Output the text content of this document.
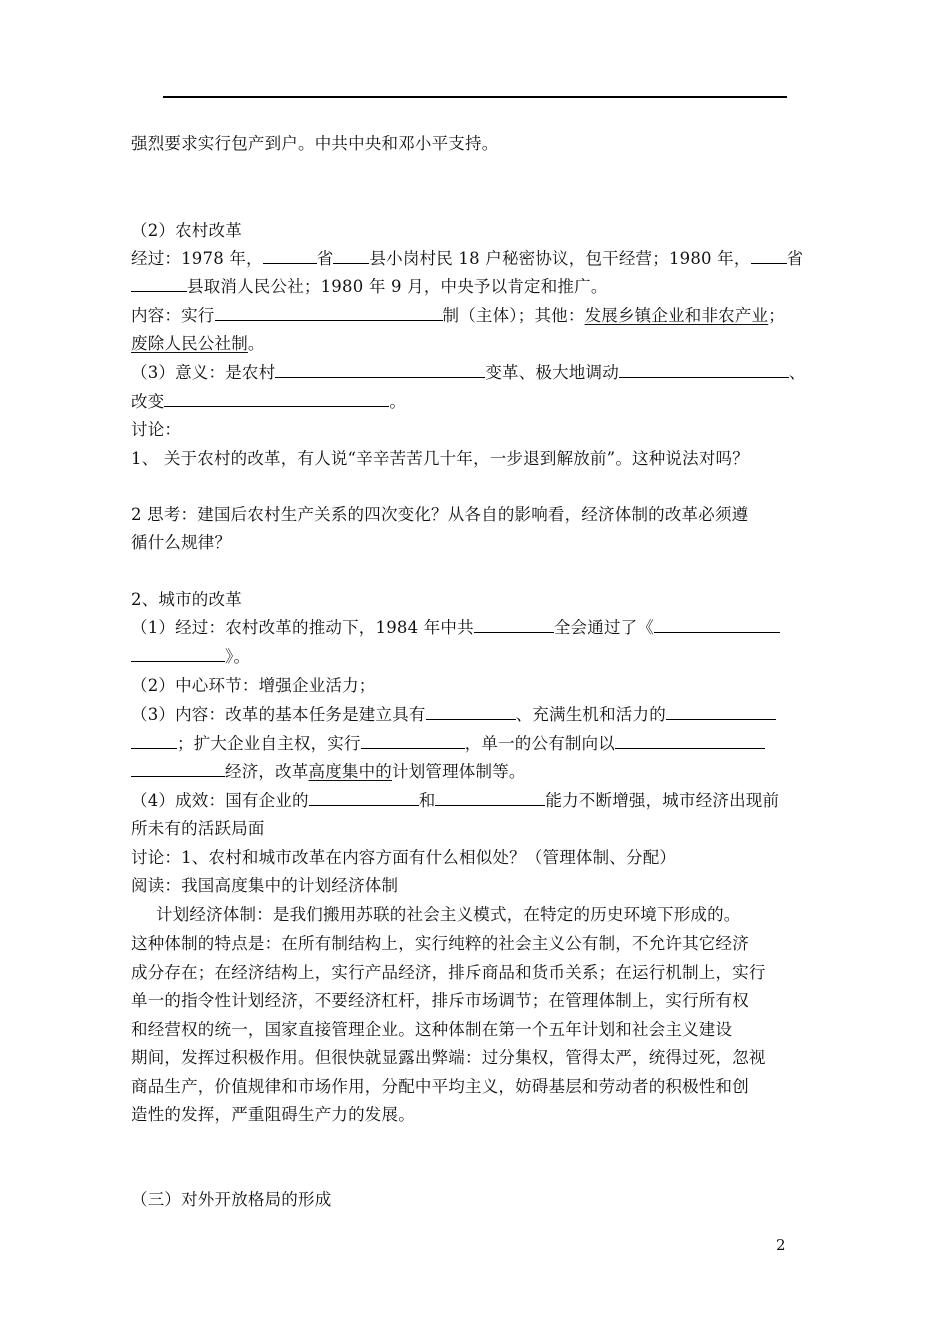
强烈要求实行包产到户。中共中央和邓小平支持。
（2）农村改革
经过：1978 年，	省 县小岗村民 18 户秘密协议，包干经营；1980 年， 省
县取消人民公社；1980 年 9 月，中央予以肯定和推广。
内容：实行	制（主体）；其他：发展乡镇企业和非农产业；
废除人民公社制。
（3）意义：是农村	变革、极大地调动	、
改变	。
讨论：
1、 关于农村的改革，有人说“辛辛苦苦几十年，一步退到解放前”。这种说法对吗？
2 思考：建国后农村生产关系的四次变化？从各自的影响看，经济体制的改革必须遵
循什么规律？
2、城市的改革
（1）经过：农村改革的推动下，1984 年中共	全会通过了《
》。
（2）中心环节：增强企业活力；
（3）内容：改革的基本任务是建立具有	、充满生机和活力的
；扩大企业自主权，实行	，单一的公有制向以
经济，改革高度集中的计划管理体制等。
（4）成效：国有企业的	和	能力不断增强，城市经济出现前
所未有的活跃局面
讨论：1、农村和城市改革在内容方面有什么相似处？（管理体制、分配）
阅读：我国高度集中的计划经济体制
计划经济体制：是我们搬用苏联的社会主义模式，在特定的历史环境下形成的。
这种体制的特点是：在所有制结构上，实行纯粹的社会主义公有制，不允许其它经济
成分存在；在经济结构上，实行产品经济，排斥商品和货币关系；在运行机制上，实行
单一的指令性计划经济，不要经济杠杆，排斥市场调节；在管理体制上，实行所有权
和经营权的统一，国家直接管理企业。这种体制在第一个五年计划和社会主义建设
期间，发挥过积极作用。但很快就显露出弊端：过分集权，管得太严，统得过死，忽视
商品生产，价值规律和市场作用，分配中平均主义，妨碍基层和劳动者的积极性和创
造性的发挥，严重阻碍生产力的发展。
（三）对外开放格局的形成
2
